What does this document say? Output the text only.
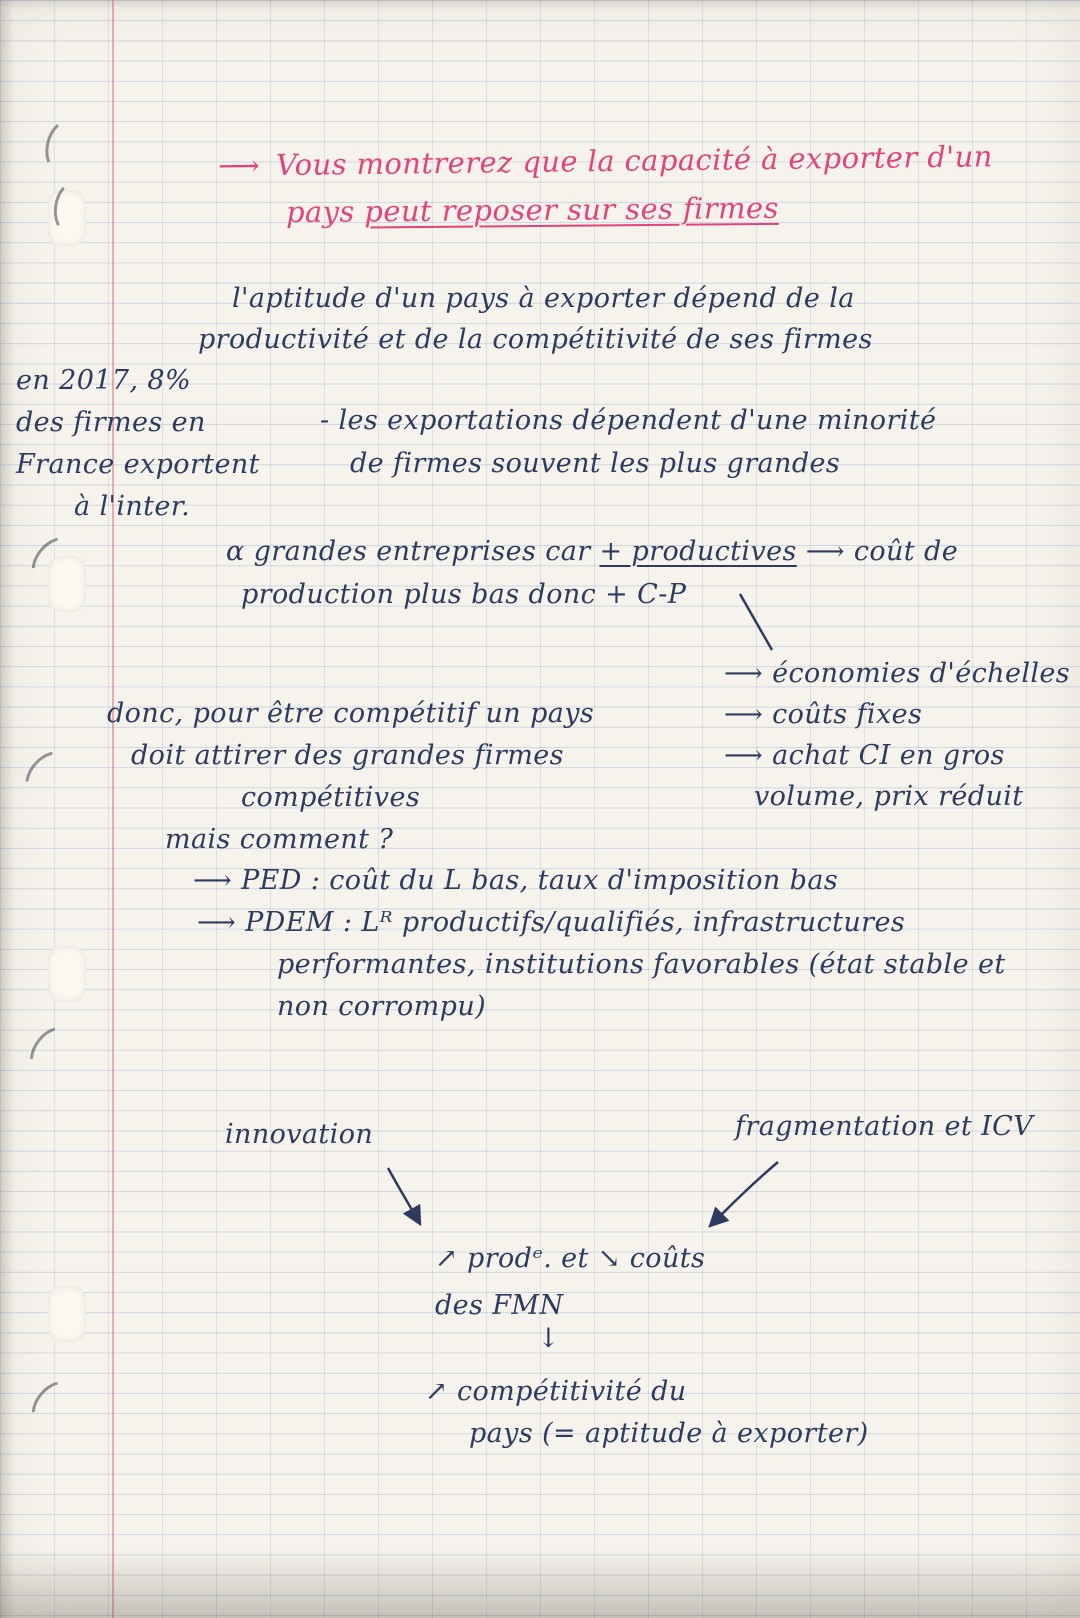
⟶ Vous montrerez que la capacité à exporter d'un
pays peut reposer sur ses firmes
l'aptitude d'un pays à exporter dépend de la
productivité et de la compétitivité de ses firmes
en 2017, 8%
des firmes en
France exportent
à l'inter.
- les exportations dépendent d'une minorité
de firmes souvent les plus grandes
α grandes entreprises car + productives ⟶ coût de
production plus bas donc + C-P
⟶ économies d'échelles
⟶ coûts fixes
⟶ achat CI en gros
volume, prix réduit
donc, pour être compétitif un pays
doit attirer des grandes firmes
compétitives
mais comment ?
⟶ PED : coût du L bas, taux d'imposition bas
⟶ PDEM : Lᴿ productifs/qualifiés, infrastructures
performantes, institutions favorables (état stable et
non corrompu)
innovation	fragmentation et ICV
↗ prodᵉ. et ↘ coûts
des FMN
↓
↗ compétitivité du
pays (= aptitude à exporter)
